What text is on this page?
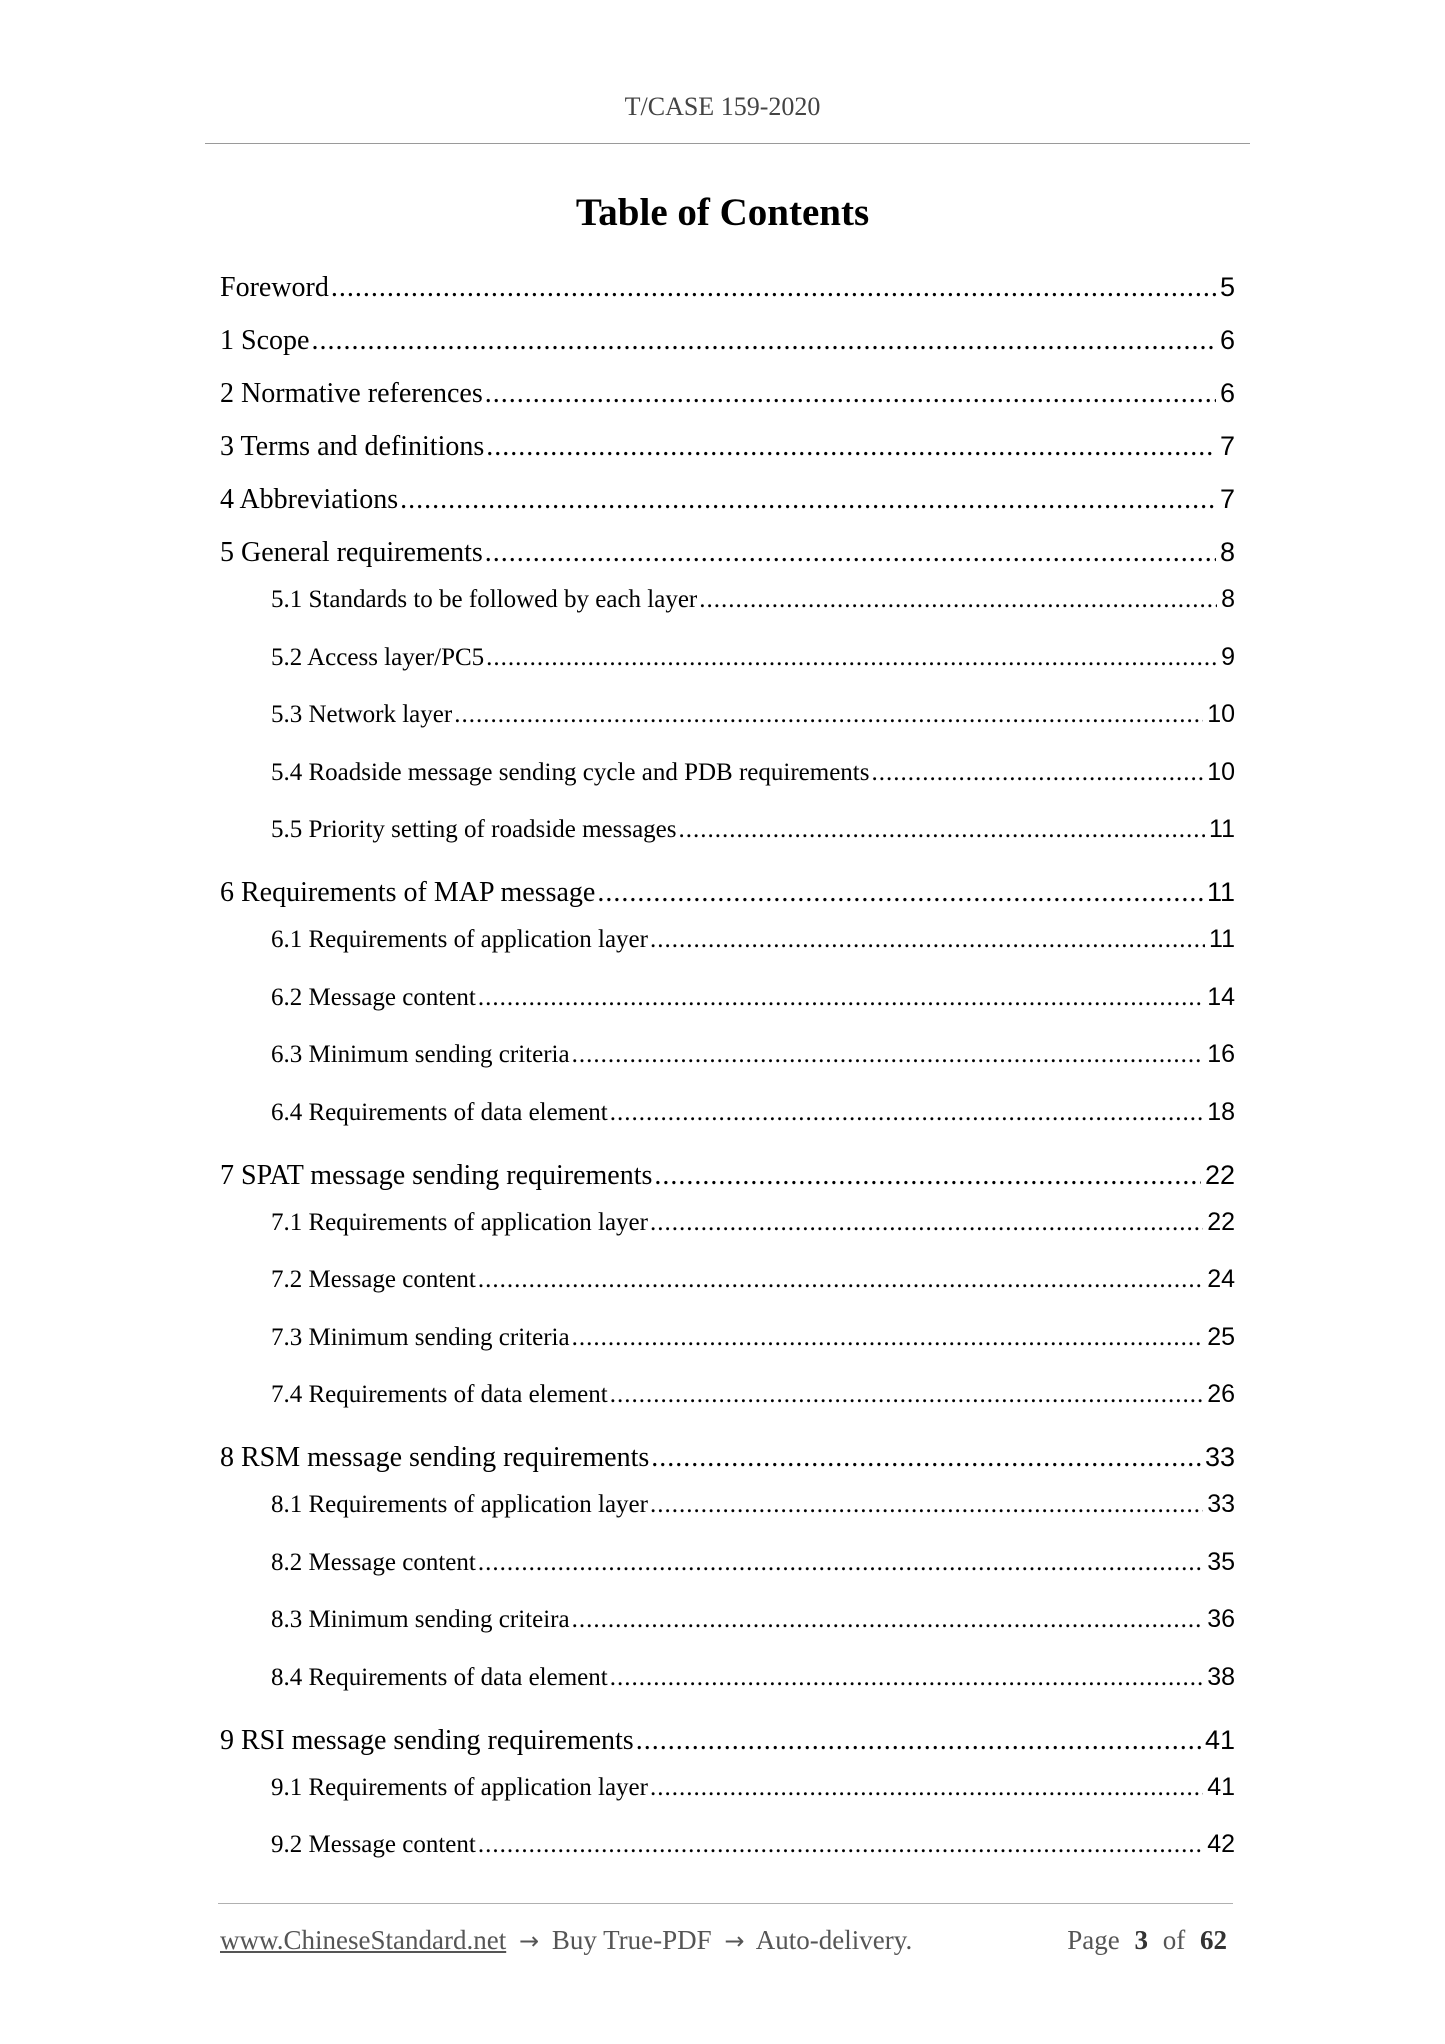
T/CASE 159-2020
Table of Contents
Foreword .....	5
1 Scope .....	6
2 Normative references .....	6
3 Terms and definitions .....	7
4 Abbreviations .....	7
5 General requirements .....	8
5.1 Standards to be followed by each layer .....	8
5.2 Access layer/PC5 .....	9
5.3 Network layer .....	10
5.4 Roadside message sending cycle and PDB requirements .....	10
5.5 Priority setting of roadside messages .....	11
6 Requirements of MAP message .....	11
6.1 Requirements of application layer .....	11
6.2 Message content .....	14
6.3 Minimum sending criteria .....	16
6.4 Requirements of data element .....	18
7 SPAT message sending requirements .....	22
7.1 Requirements of application layer .....	22
7.2 Message content .....	24
7.3 Minimum sending criteria .....	25
7.4 Requirements of data element .....	26
8 RSM message sending requirements .....	33
8.1 Requirements of application layer .....	33
8.2 Message content .....	35
8.3 Minimum sending criteira .....	36
8.4 Requirements of data element .....	38
9 RSI message sending requirements .....	41
9.1 Requirements of application layer .....	41
9.2 Message content .....	42
www.ChineseStandard.net → Buy True-PDF → Auto-delivery.	Page 3 of 62
